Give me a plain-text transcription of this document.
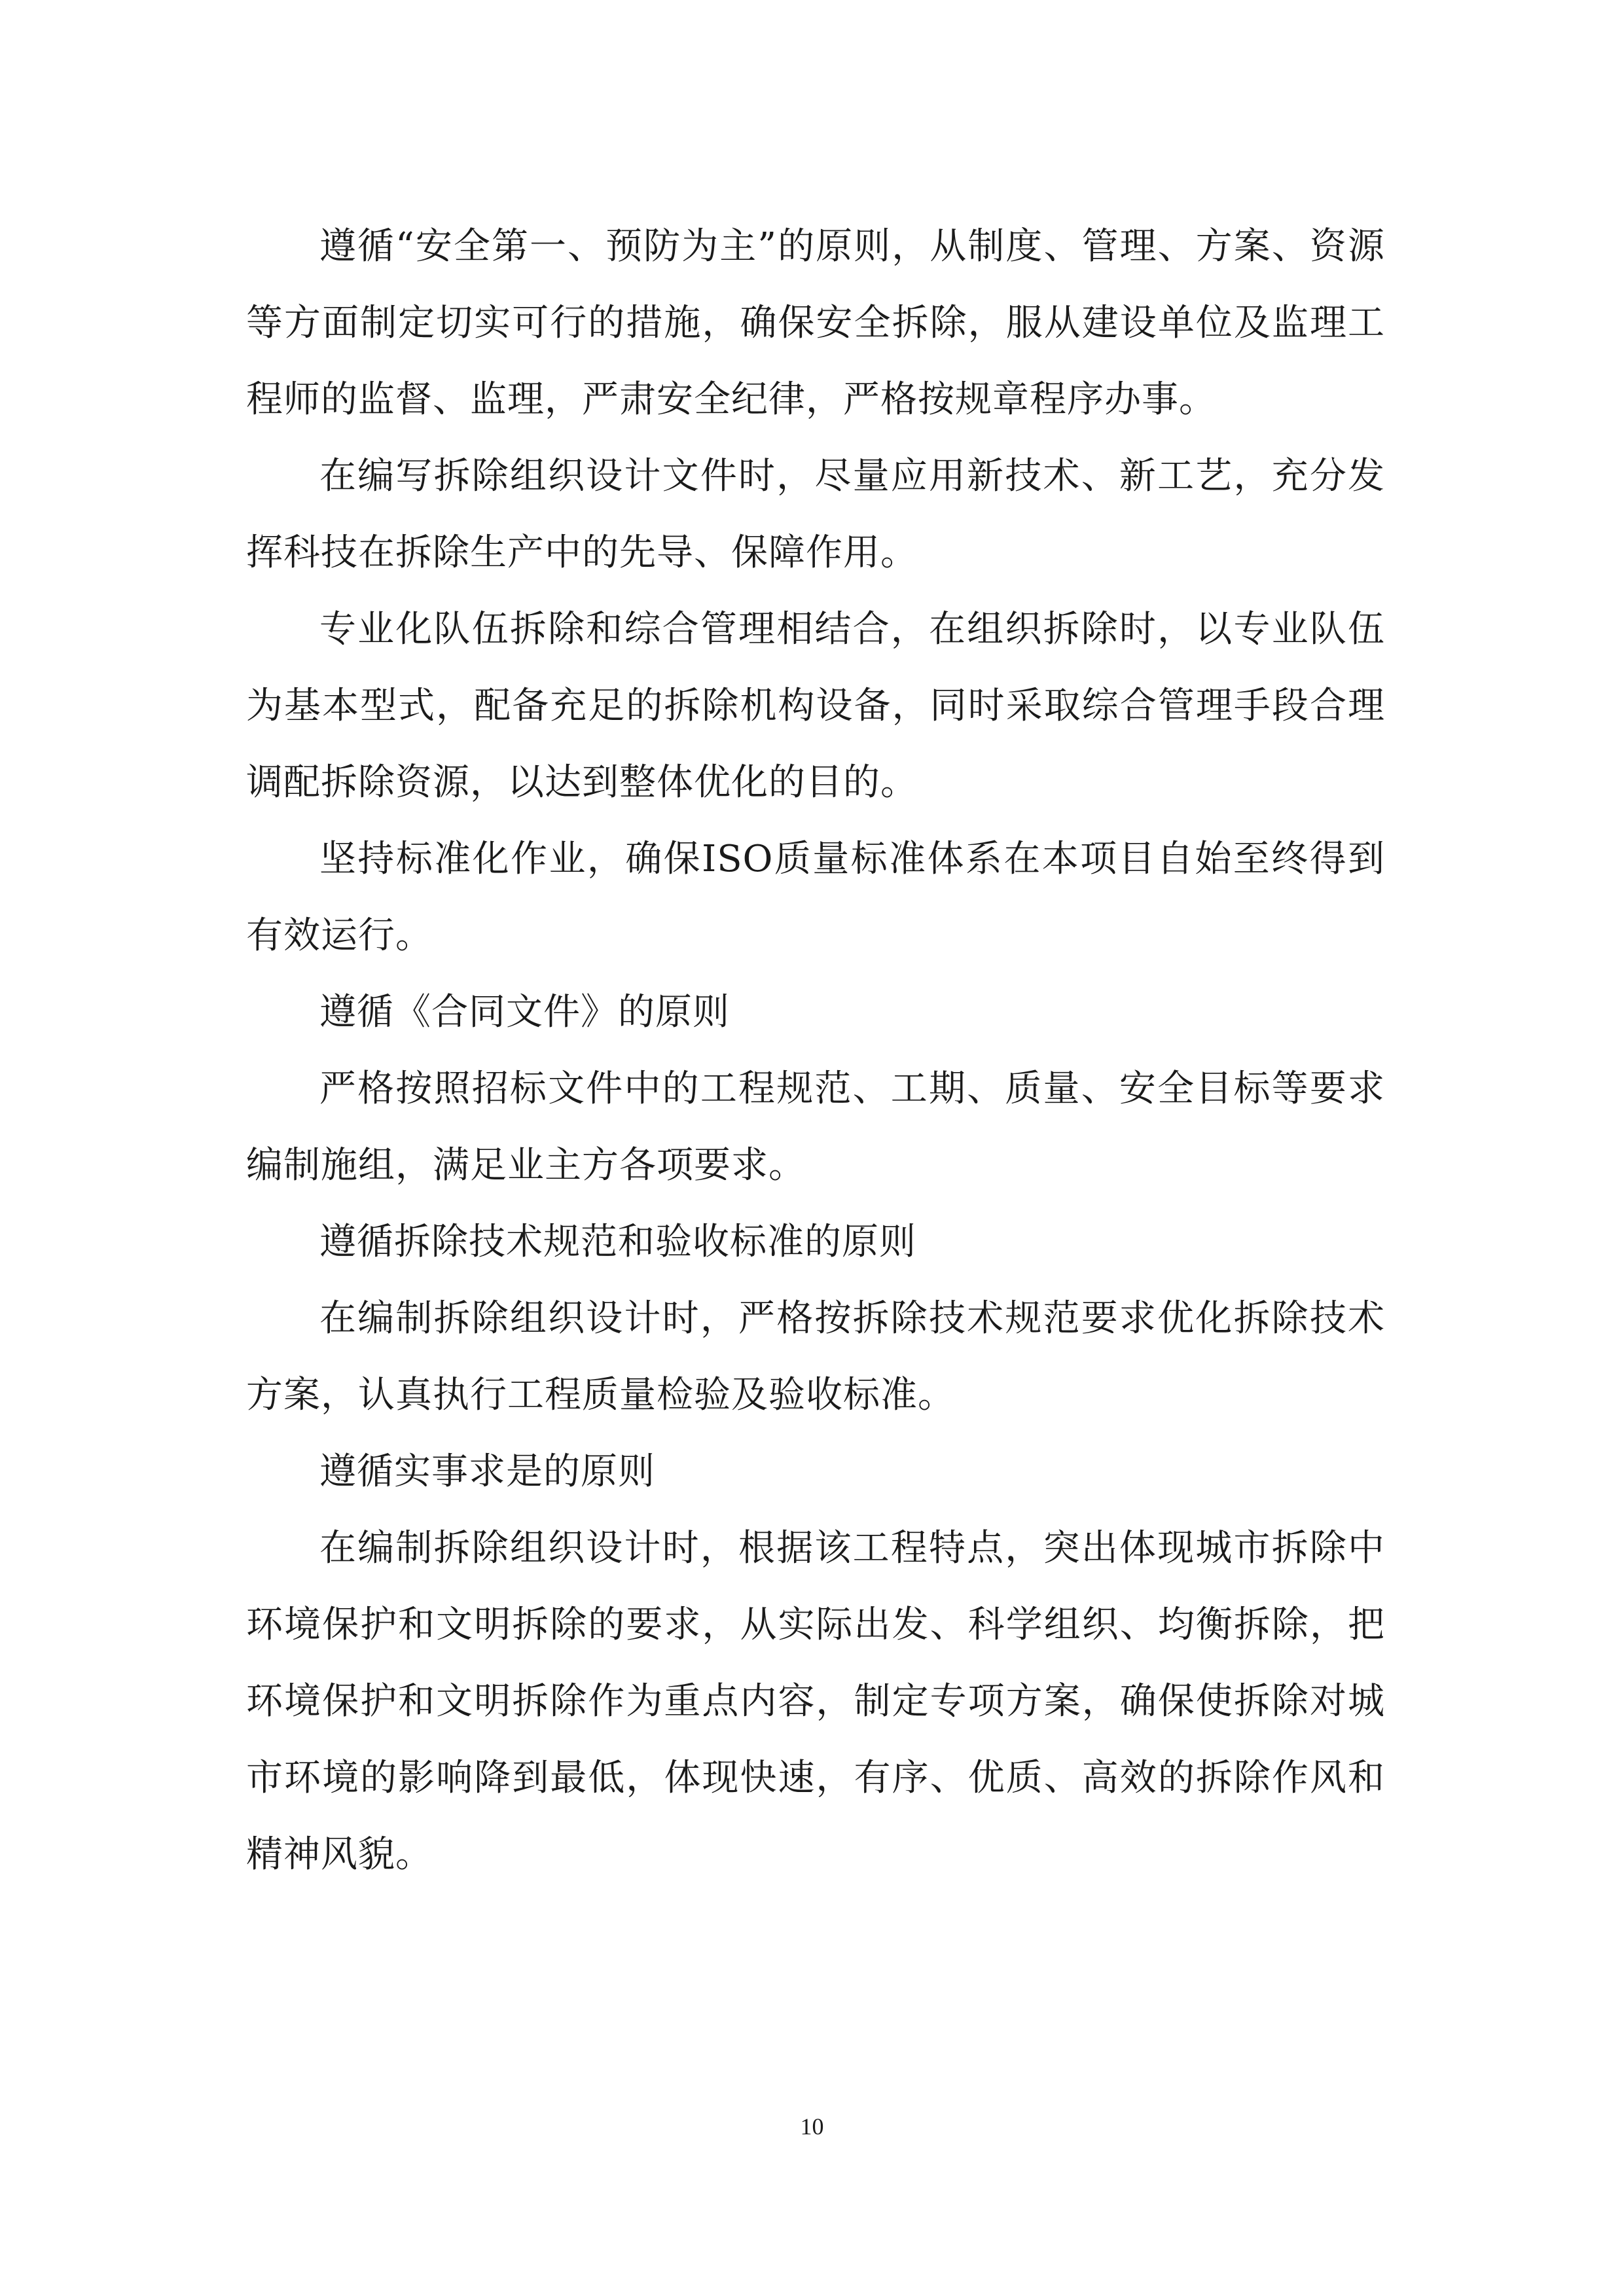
遵循“安全第一、预防为主”的原则，从制度、管理、方案、资源等方面制定切实可行的措施，确保安全拆除，服从建设单位及监理工程师的监督、监理，严肃安全纪律，严格按规章程序办事。

在编写拆除组织设计文件时，尽量应用新技术、新工艺，充分发挥科技在拆除生产中的先导、保障作用。

专业化队伍拆除和综合管理相结合，在组织拆除时，以专业队伍为基本型式，配备充足的拆除机构设备，同时采取综合管理手段合理调配拆除资源，以达到整体优化的目的。

坚持标准化作业，确保ISO质量标准体系在本项目自始至终得到有效运行。

遵循《合同文件》的原则

严格按照招标文件中的工程规范、工期、质量、安全目标等要求编制施组，满足业主方各项要求。

遵循拆除技术规范和验收标准的原则

在编制拆除组织设计时，严格按拆除技术规范要求优化拆除技术方案，认真执行工程质量检验及验收标准。

遵循实事求是的原则

在编制拆除组织设计时，根据该工程特点，突出体现城市拆除中环境保护和文明拆除的要求，从实际出发、科学组织、均衡拆除，把环境保护和文明拆除作为重点内容，制定专项方案，确保使拆除对城市环境的影响降到最低，体现快速，有序、优质、高效的拆除作风和精神风貌。

10
